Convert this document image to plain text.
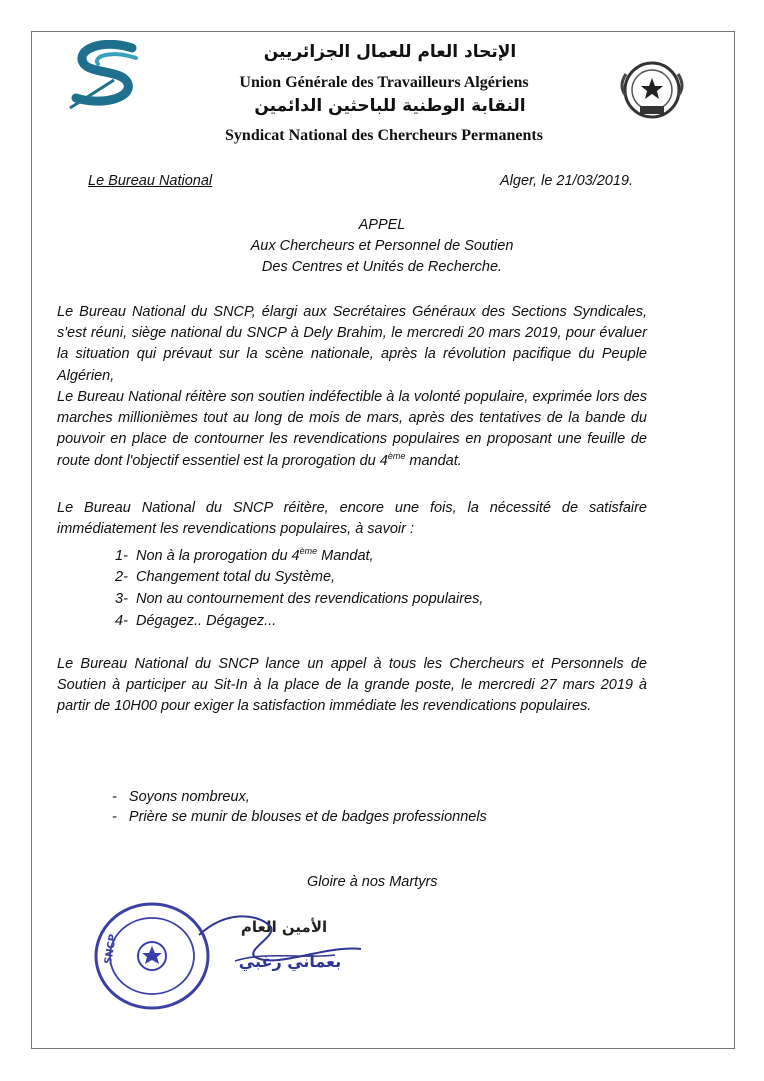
الإتحاد العام للعمال الجزائريين
Union Générale des Travailleurs Algériens
النقابة الوطنية للباحثين الدائمين
Syndicat National des Chercheurs Permanents
Le Bureau National	Alger, le 21/03/2019.
APPEL
Aux Chercheurs et Personnel de Soutien
Des Centres et Unités de Recherche.

Le Bureau National du SNCP, élargi aux Secrétaires Généraux des Sections Syndicales, s'est réuni, siège national du SNCP à Dely Brahim, le mercredi 20 mars 2019, pour évaluer la situation qui prévaut sur la scène nationale, après la révolution pacifique du Peuple Algérien,

Le Bureau National réitère son soutien indéfectible à la volonté populaire, exprimée lors des marches millionièmes tout au long de mois de mars, après des tentatives de la bande du pouvoir en place de contourner les revendications populaires en proposant une feuille de route dont l'objectif essentiel est la prorogation du 4ème mandat.

Le Bureau National du SNCP réitère, encore une fois, la nécessité de satisfaire immédiatement les revendications populaires, à savoir :

1- Non à la prorogation du 4ème Mandat,
2- Changement total du Système,
3- Non au contournement des revendications populaires,
4- Dégagez.. Dégagez...

Le Bureau National du SNCP lance un appel à tous les Chercheurs et Personnels de Soutien à participer au Sit-In à la place de la grande poste, le mercredi 27 mars 2019 à partir de 10H00 pour exiger la satisfaction immédiate les revendications populaires.

-   Soyons nombreux,
-   Prière se munir de blouses et de badges professionnels
Gloire à nos Martyrs
SNCP
الأمين العام
بعماني زغبي
